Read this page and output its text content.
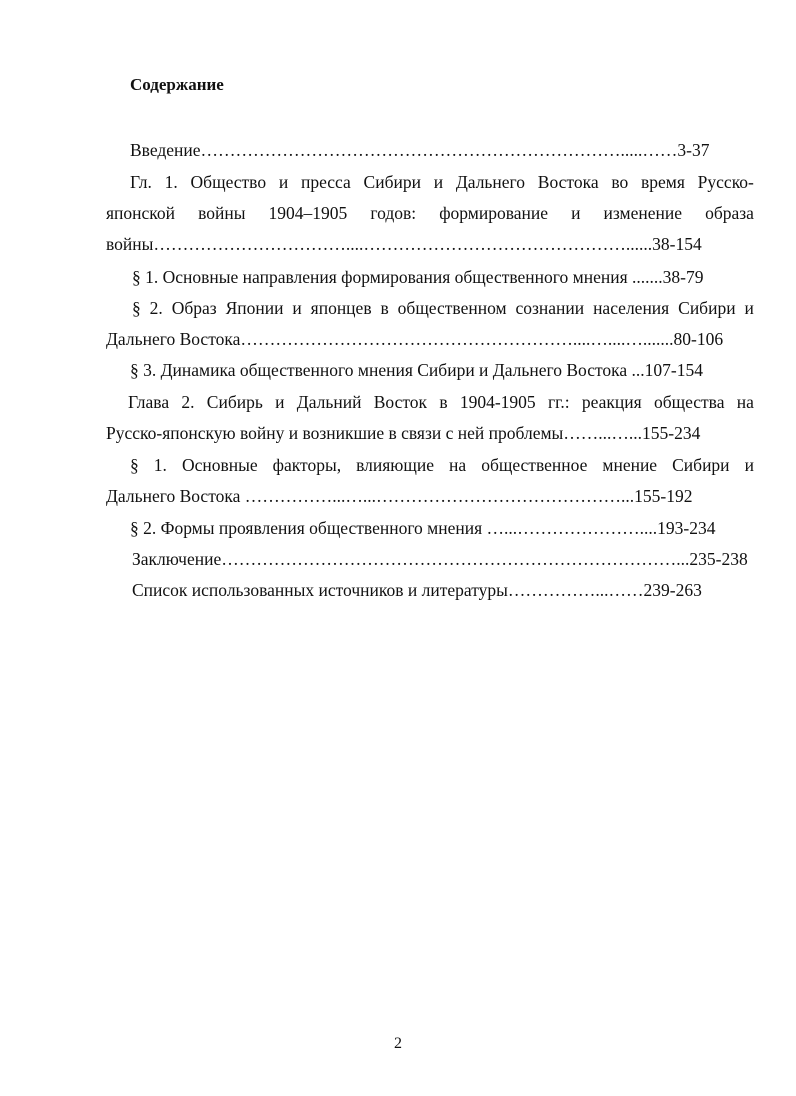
Содержание
Введение……………………………………………………………….....……3-37
Гл. 1. Общество и пресса Сибири и Дальнего Востока во время Русско-
японской войны 1904–1905 годов: формирование и изменение образа
войны……………………………....………………………………………......38-154
§ 1. Основные направления формирования общественного мнения .......38-79
§ 2. Образ Японии и японцев в общественном сознании населения Сибири и
Дальнего Востока…………………………………………………....…....….......80-106
§ 3. Динамика общественного мнения Сибири и Дальнего Востока ...107-154
Глава 2. Сибирь и Дальний Восток в 1904-1905 гг.: реакция общества на
Русско-японскую войну и возникшие в связи с ней проблемы……...…...155-234
§ 1. Основные факторы, влияющие на общественное мнение Сибири и
Дальнего Востока ……………...…...……………………………………...155-192
§ 2. Формы проявления общественного мнения …...…………………....193-234
Заключение……………………………………………………………………...235-238
Список использованных источников и литературы……………...……239-263
2
